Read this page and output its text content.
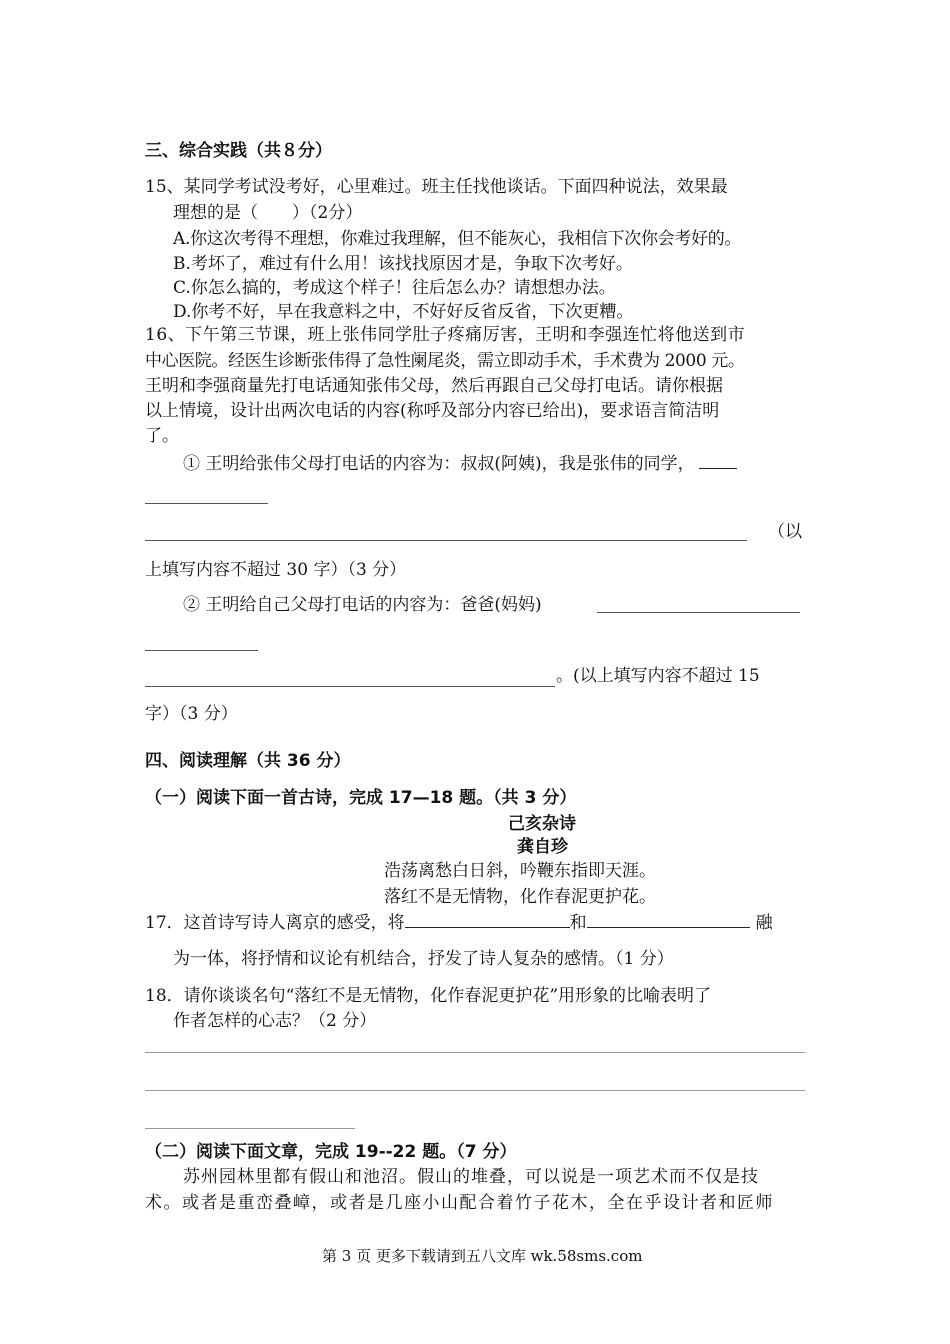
三、综合实践（共８分）
15、某同学考试没考好，心里难过。班主任找他谈话。下面四种说法，效果最
理想的是（　　）（2分）
A.你这次考得不理想，你难过我理解，但不能灰心，我相信下次你会考好的。
B.考坏了，难过有什么用！该找找原因才是，争取下次考好。
C.你怎么搞的，考成这个样子！往后怎么办？请想想办法。
D.你考不好，早在我意料之中，不好好反省反省，下次更糟。
16、下午第三节课，班上张伟同学肚子疼痛厉害，王明和李强连忙将他送到市
中心医院。经医生诊断张伟得了急性阑尾炎，需立即动手术，手术费为 2000 元。
王明和李强商量先打电话通知张伟父母，然后再跟自己父母打电话。请你根据
以上情境，设计出两次电话的内容(称呼及部分内容已给出)，要求语言简洁明
了。
① 王明给张伟父母打电话的内容为：叔叔(阿姨)，我是张伟的同学，
（以
上填写内容不超过 30 字）（3 分）
② 王明给自己父母打电话的内容为：爸爸(妈妈)
。(以上填写内容不超过 15
字）（3 分）
四、阅读理解（共 36 分）
（一）阅读下面一首古诗，完成 17—18 题。（共 3 分）
己亥杂诗
龚自珍
浩荡离愁白日斜，吟鞭东指即天涯。
落红不是无情物，化作春泥更护花。
17．这首诗写诗人离京的感受，将	和	融
为一体，将抒情和议论有机结合，抒发了诗人复杂的感情。（1 分）
18．请你谈谈名句“落红不是无情物，化作春泥更护花”用形象的比喻表明了
作者怎样的心志？（2 分）
（二）阅读下面文章，完成 19--22 题。（7 分）
苏州园林里都有假山和池沼。假山的堆叠，可以说是一项艺术而不仅是技
术。或者是重峦叠嶂，或者是几座小山配合着竹子花木，全在乎设计者和匠师
第 3 页 更多下载请到五八文库 wk.58sms.com
